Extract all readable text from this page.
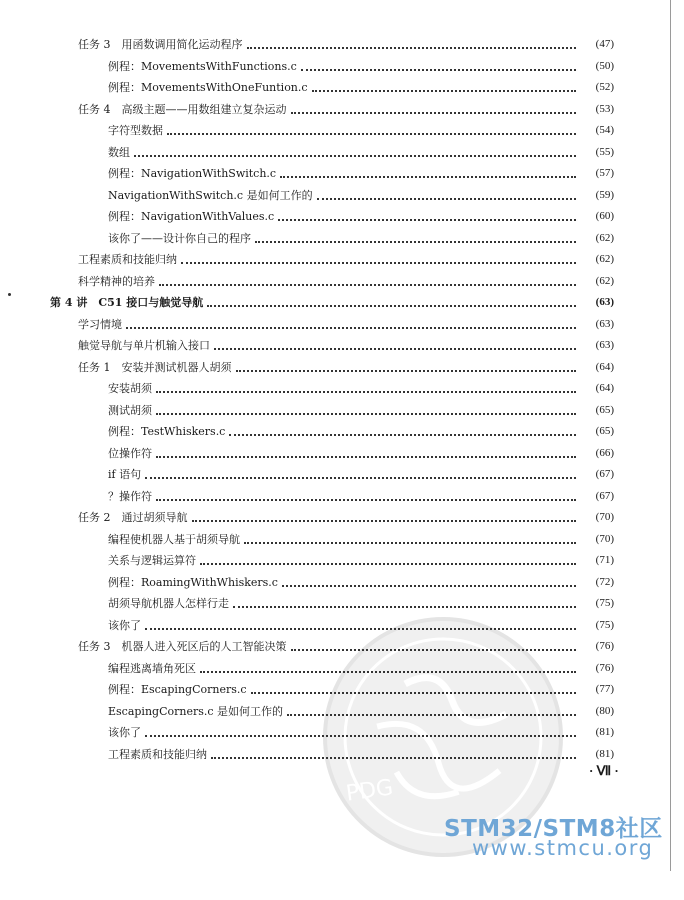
PDG
任务 3　用函数调用简化运动程序	(47)
例程：MovementsWithFunctions.c	(50)
例程：MovementsWithOneFuntion.c	(52)
任务 4　高级主题——用数组建立复杂运动	(53)
字符型数据	(54)
数组	(55)
例程：NavigationWithSwitch.c	(57)
NavigationWithSwitch.c 是如何工作的	(59)
例程：NavigationWithValues.c	(60)
该你了——设计你自己的程序	(62)
工程素质和技能归纳	(62)
科学精神的培养	(62)
第 4 讲　C51 接口与触觉导航	(63)
学习情境	(63)
触觉导航与单片机输入接口	(63)
任务 1　安装并测试机器人胡须	(64)
安装胡须	(64)
测试胡须	(65)
例程：TestWhiskers.c	(65)
位操作符	(66)
if 语句	(67)
？操作符	(67)
任务 2　通过胡须导航	(70)
编程使机器人基于胡须导航	(70)
关系与逻辑运算符	(71)
例程：RoamingWithWhiskers.c	(72)
胡须导航机器人怎样行走	(75)
该你了	(75)
任务 3　机器人进入死区后的人工智能决策	(76)
编程逃离墙角死区	(76)
例程：EscapingCorners.c	(77)
EscapingCorners.c 是如何工作的	(80)
该你了	(81)
工程素质和技能归纳	(81)
· Ⅶ ·
STM32/STM8社区
www.stmcu.org
